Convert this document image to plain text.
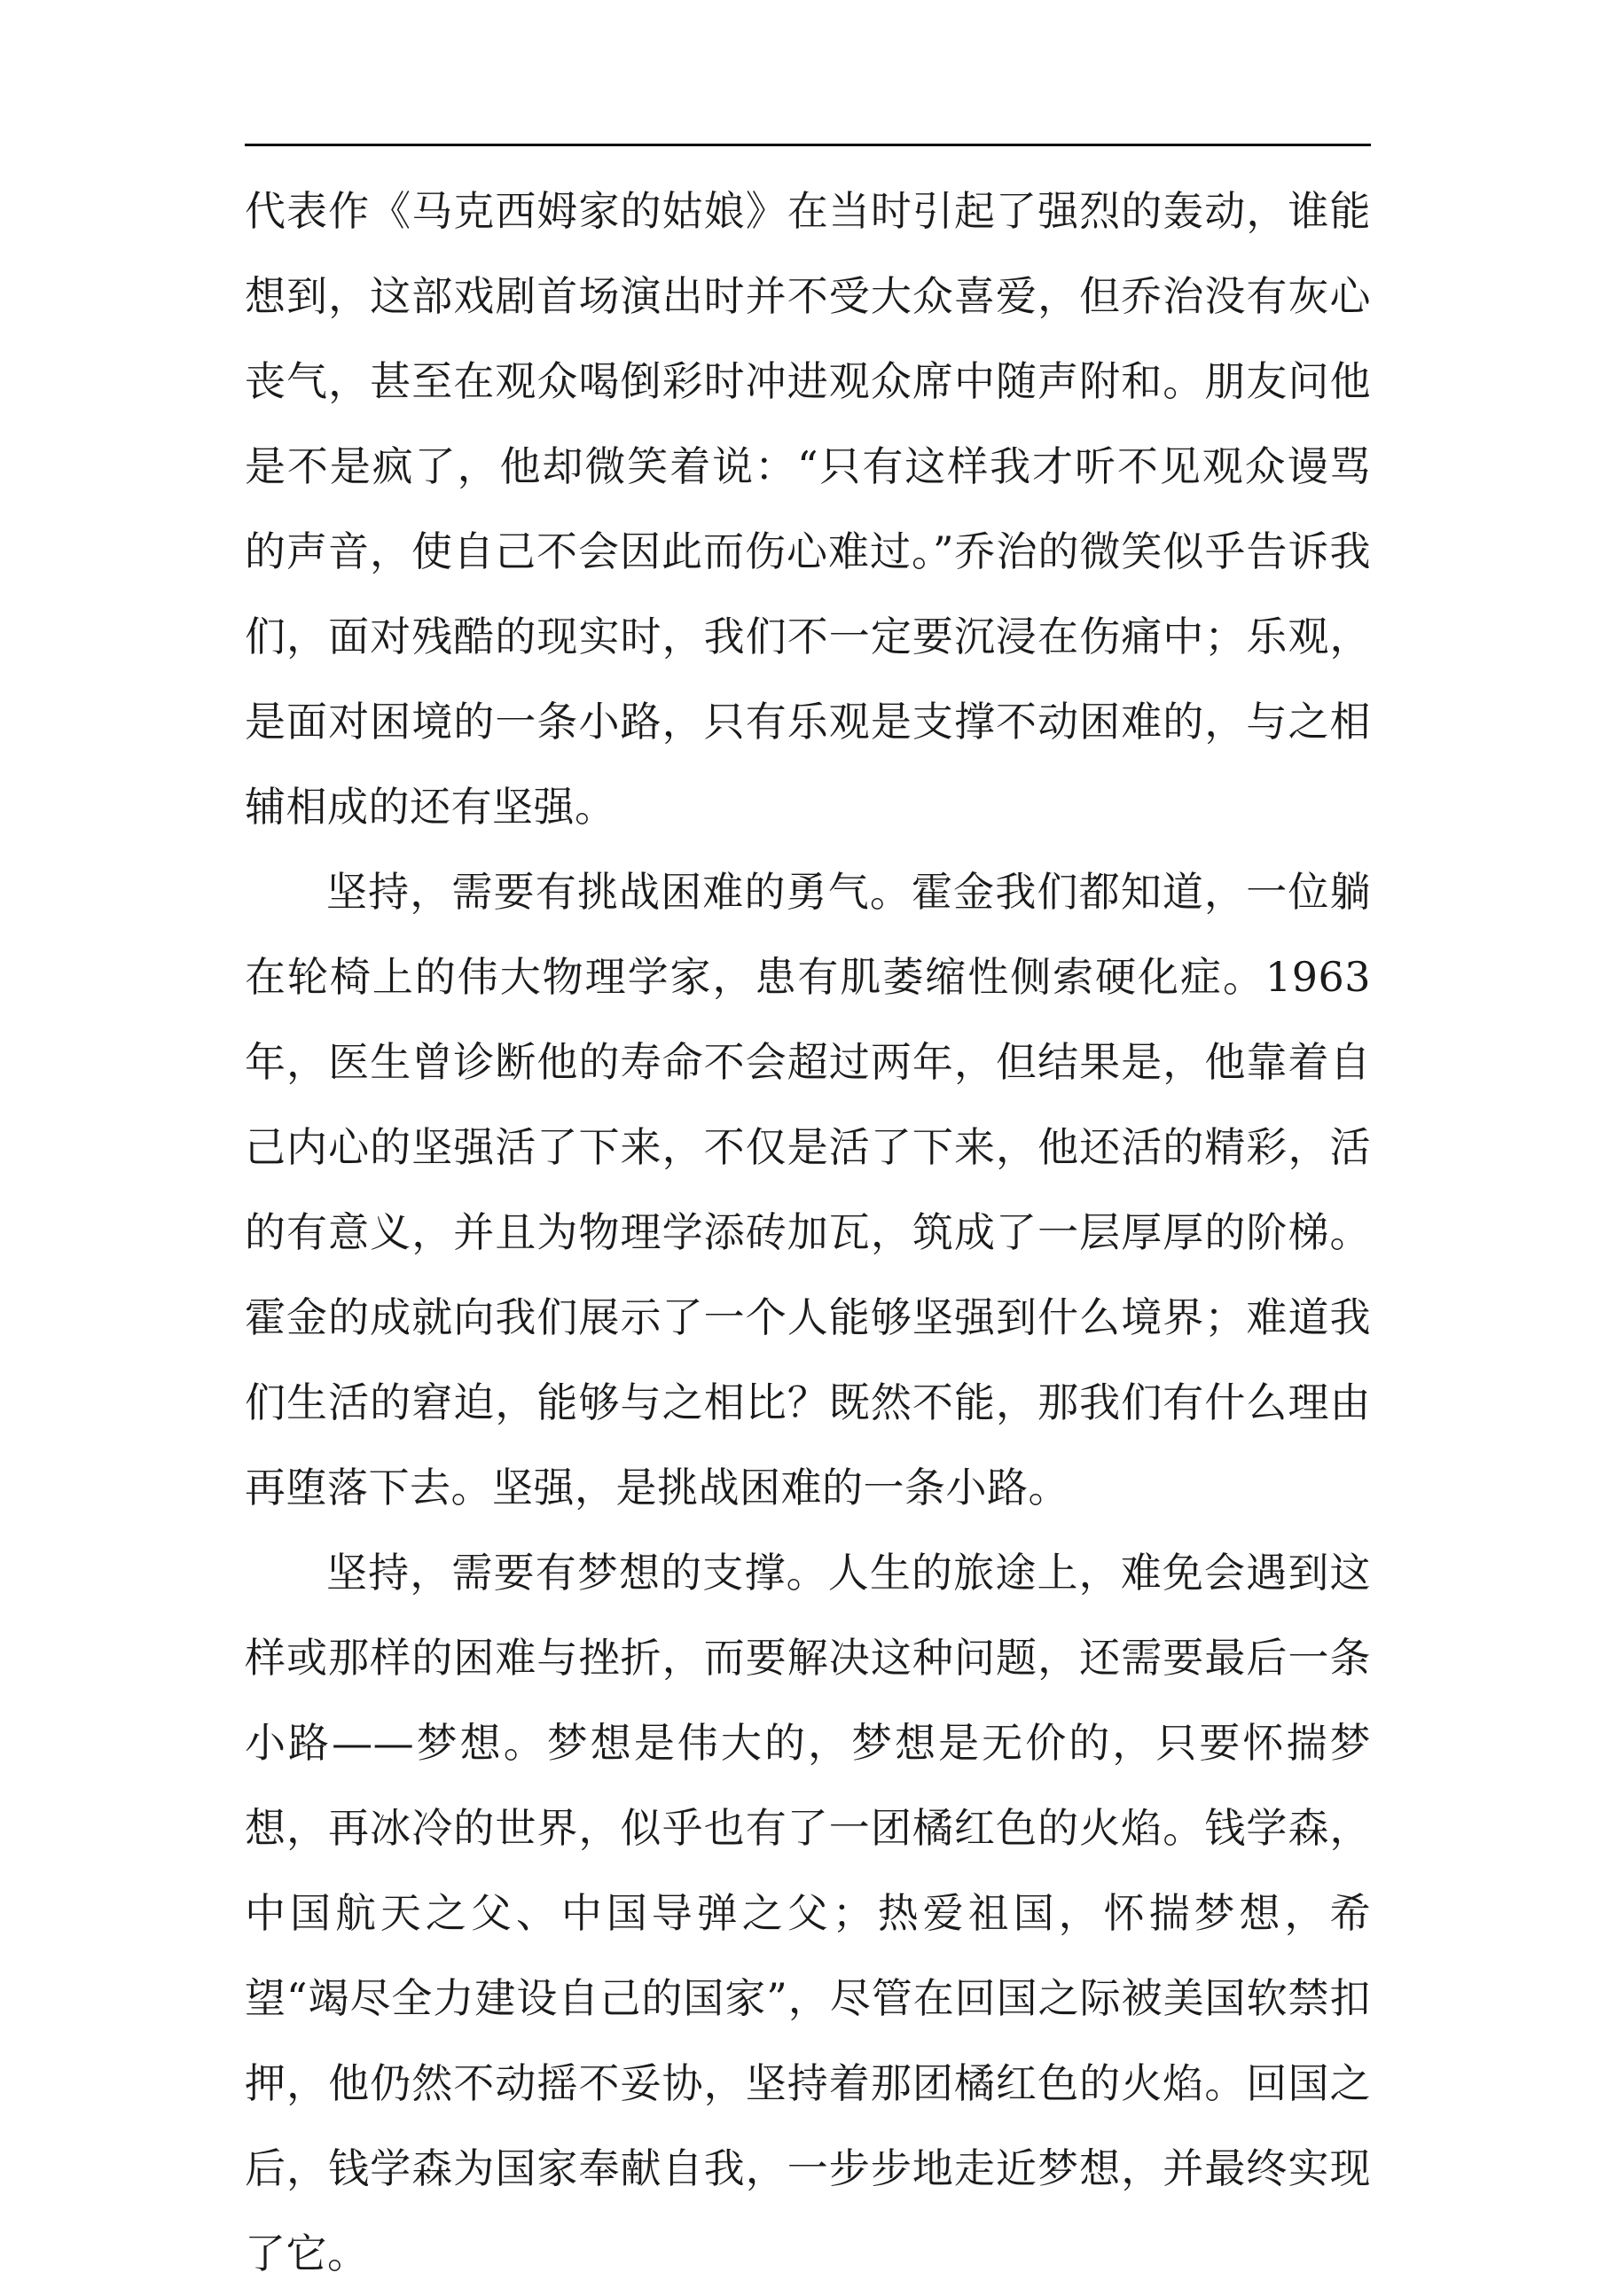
代表作《马克西姆家的姑娘》在当时引起了强烈的轰动，谁能想到，这部戏剧首场演出时并不受大众喜爱，但乔治没有灰心丧气，甚至在观众喝倒彩时冲进观众席中随声附和。朋友问他是不是疯了，他却微笑着说：“只有这样我才听不见观众谩骂的声音，使自己不会因此而伤心难过。”乔治的微笑似乎告诉我们，面对残酷的现实时，我们不一定要沉浸在伤痛中；乐观，是面对困境的一条小路，只有乐观是支撑不动困难的，与之相辅相成的还有坚强。

坚持，需要有挑战困难的勇气。霍金我们都知道，一位躺在轮椅上的伟大物理学家，患有肌萎缩性侧索硬化症。1963 年，医生曾诊断他的寿命不会超过两年，但结果是，他靠着自己内心的坚强活了下来，不仅是活了下来，他还活的精彩，活的有意义，并且为物理学添砖加瓦，筑成了一层厚厚的阶梯。霍金的成就向我们展示了一个人能够坚强到什么境界；难道我们生活的窘迫，能够与之相比？既然不能，那我们有什么理由再堕落下去。坚强，是挑战困难的一条小路。

坚持，需要有梦想的支撑。人生的旅途上，难免会遇到这样或那样的困难与挫折，而要解决这种问题，还需要最后一条小路——梦想。梦想是伟大的，梦想是无价的，只要怀揣梦想，再冰冷的世界，似乎也有了一团橘红色的火焰。钱学森，中国航天之父、中国导弹之父；热爱祖国，怀揣梦想，希望“竭尽全力建设自己的国家”，尽管在回国之际被美国软禁扣押，他仍然不动摇不妥协，坚持着那团橘红色的火焰。回国之后，钱学森为国家奉献自我，一步步地走近梦想，并最终实现了它。
